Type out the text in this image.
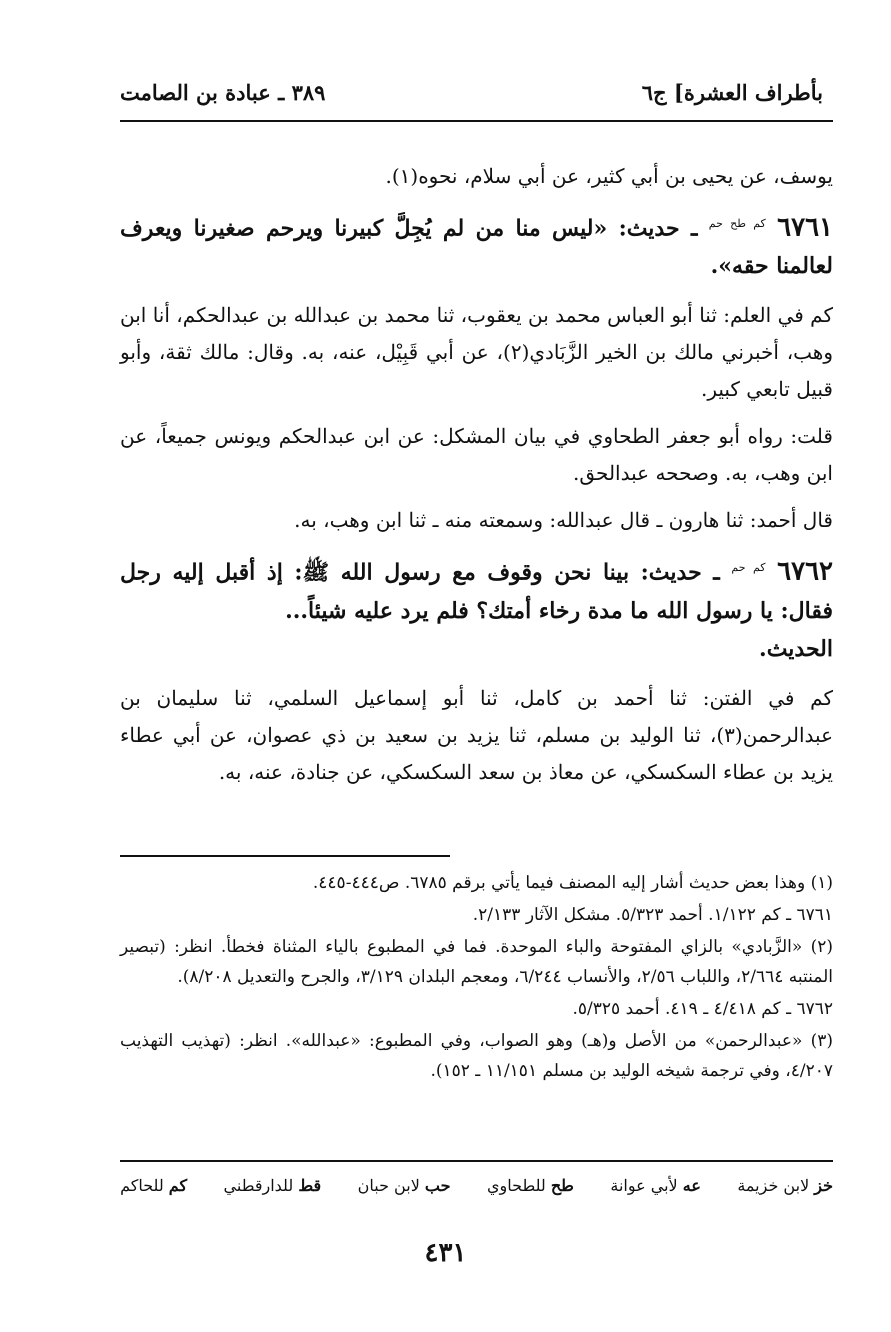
بأطراف العشرة] ج٦
٣٨٩ ـ عبادة بن الصامت

يوسف، عن يحيى بن أبي كثير، عن أبي سلام، نحوه(١).

٦٧٦١ $^{كم طح حم}$ ـ حديث: «ليس منا من لم يُجِلَّ كبيرنا ويرحم صغيرنا ويعرف لعالمنا حقه».

كم في العلم: ثنا أبو العباس محمد بن يعقوب، ثنا محمد بن عبدالله بن عبدالحكم، أنا ابن وهب، أخبرني مالك بن الخير الزَّبَادي(٢)، عن أبي قَبِيْل، عنه، به. وقال: مالك ثقة، وأبو قبيل تابعي كبير.

قلت: رواه أبو جعفر الطحاوي في بيان المشكل: عن ابن عبدالحكم ويونس جميعاً، عن ابن وهب، به. وصححه عبدالحق.

قال أحمد: ثنا هارون ـ قال عبدالله: وسمعته منه ـ ثنا ابن وهب، به.

٦٧٦٢ $^{كم حم}$ ـ حديث: بينا نحن وقوف مع رسول الله ﷺ: إذ أقبل إليه رجل فقال: يا رسول الله ما مدة رخاء أمتك؟ فلم يرد عليه شيئاً...
الحديث.

كم في الفتن: ثنا أحمد بن كامل، ثنا أبو إسماعيل السلمي، ثنا سليمان بن عبدالرحمن(٣)، ثنا الوليد بن مسلم، ثنا يزيد بن سعيد بن ذي عصوان، عن أبي عطاء يزيد بن عطاء السكسكي، عن معاذ بن سعد السكسكي، عن جنادة، عنه، به.

(١) وهذا بعض حديث أشار إليه المصنف فيما يأتي برقم ٦٧٨٥. ص٤٤٤-٤٤٥.

٦٧٦١ ـ كم ١/١٢٢. أحمد ٥/٣٢٣. مشكل الآثار ٢/١٣٣.

(٢) «الزَّبادي» بالزاي المفتوحة والباء الموحدة. فما في المطبوع بالياء المثناة فخطأ. انظر: (تبصير المنتبه ٢/٦٦٤، واللباب ٢/٥٦، والأنساب ٦/٢٤٤، ومعجم البلدان ٣/١٢٩، والجرح والتعديل ٨/٢٠٨).

٦٧٦٢ ـ كم ٤/٤١٨ ـ ٤١٩. أحمد ٥/٣٢٥.

(٣) «عبدالرحمن» من الأصل و(هـ) وهو الصواب، وفي المطبوع: «عبدالله». انظر: (تهذيب التهذيب ٤/٢٠٧، وفي ترجمة شيخه الوليد بن مسلم ١١/١٥١ ـ ١٥٢).

خز لابن خزيمة
عه لأبي عوانة
طح للطحاوي
حب لابن حبان
قط للدارقطني
كم للحاكم
٤٣١
